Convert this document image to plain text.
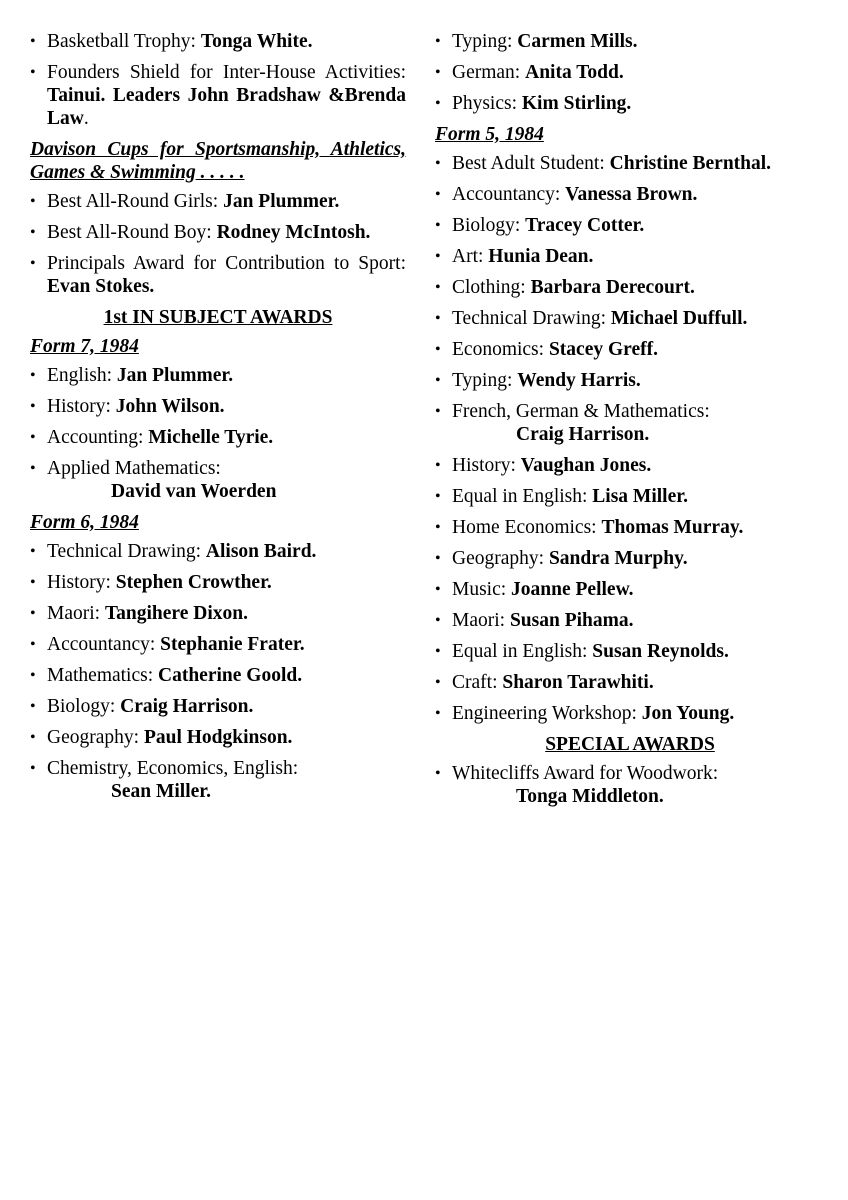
• Basketball Trophy: Tonga White.
• Founders Shield for Inter-House Activities: Tainui. Leaders John Bradshaw &Brenda Law.
Davison Cups for Sportsmanship, Athletics, Games & Swimming . . . . .
• Best All-Round Girls: Jan Plummer.
• Best All-Round Boy: Rodney McIntosh.
• Principals Award for Contribution to Sport: Evan Stokes.
1st IN SUBJECT AWARDS
Form 7, 1984
• English: Jan Plummer.
• History: John Wilson.
• Accounting: Michelle Tyrie.
• Applied Mathematics:
David van Woerden
Form 6, 1984
• Technical Drawing: Alison Baird.
• History: Stephen Crowther.
• Maori: Tangihere Dixon.
• Accountancy: Stephanie Frater.
• Mathematics: Catherine Goold.
• Biology: Craig Harrison.
• Geography: Paul Hodgkinson.
• Chemistry, Economics, English:
Sean Miller.
• Typing: Carmen Mills.
• German: Anita Todd.
• Physics: Kim Stirling.
Form 5, 1984
• Best Adult Student: Christine Bernthal.
• Accountancy: Vanessa Brown.
• Biology: Tracey Cotter.
• Art: Hunia Dean.
• Clothing: Barbara Derecourt.
• Technical Drawing: Michael Duffull.
• Economics: Stacey Greff.
• Typing: Wendy Harris.
• French, German & Mathematics:
Craig Harrison.
• History: Vaughan Jones.
• Equal in English: Lisa Miller.
• Home Economics: Thomas Murray.
• Geography: Sandra Murphy.
• Music: Joanne Pellew.
• Maori: Susan Pihama.
• Equal in English: Susan Reynolds.
• Craft: Sharon Tarawhiti.
• Engineering Workshop: Jon Young.
SPECIAL AWARDS
• Whitecliffs Award for Woodwork:
Tonga Middleton.
